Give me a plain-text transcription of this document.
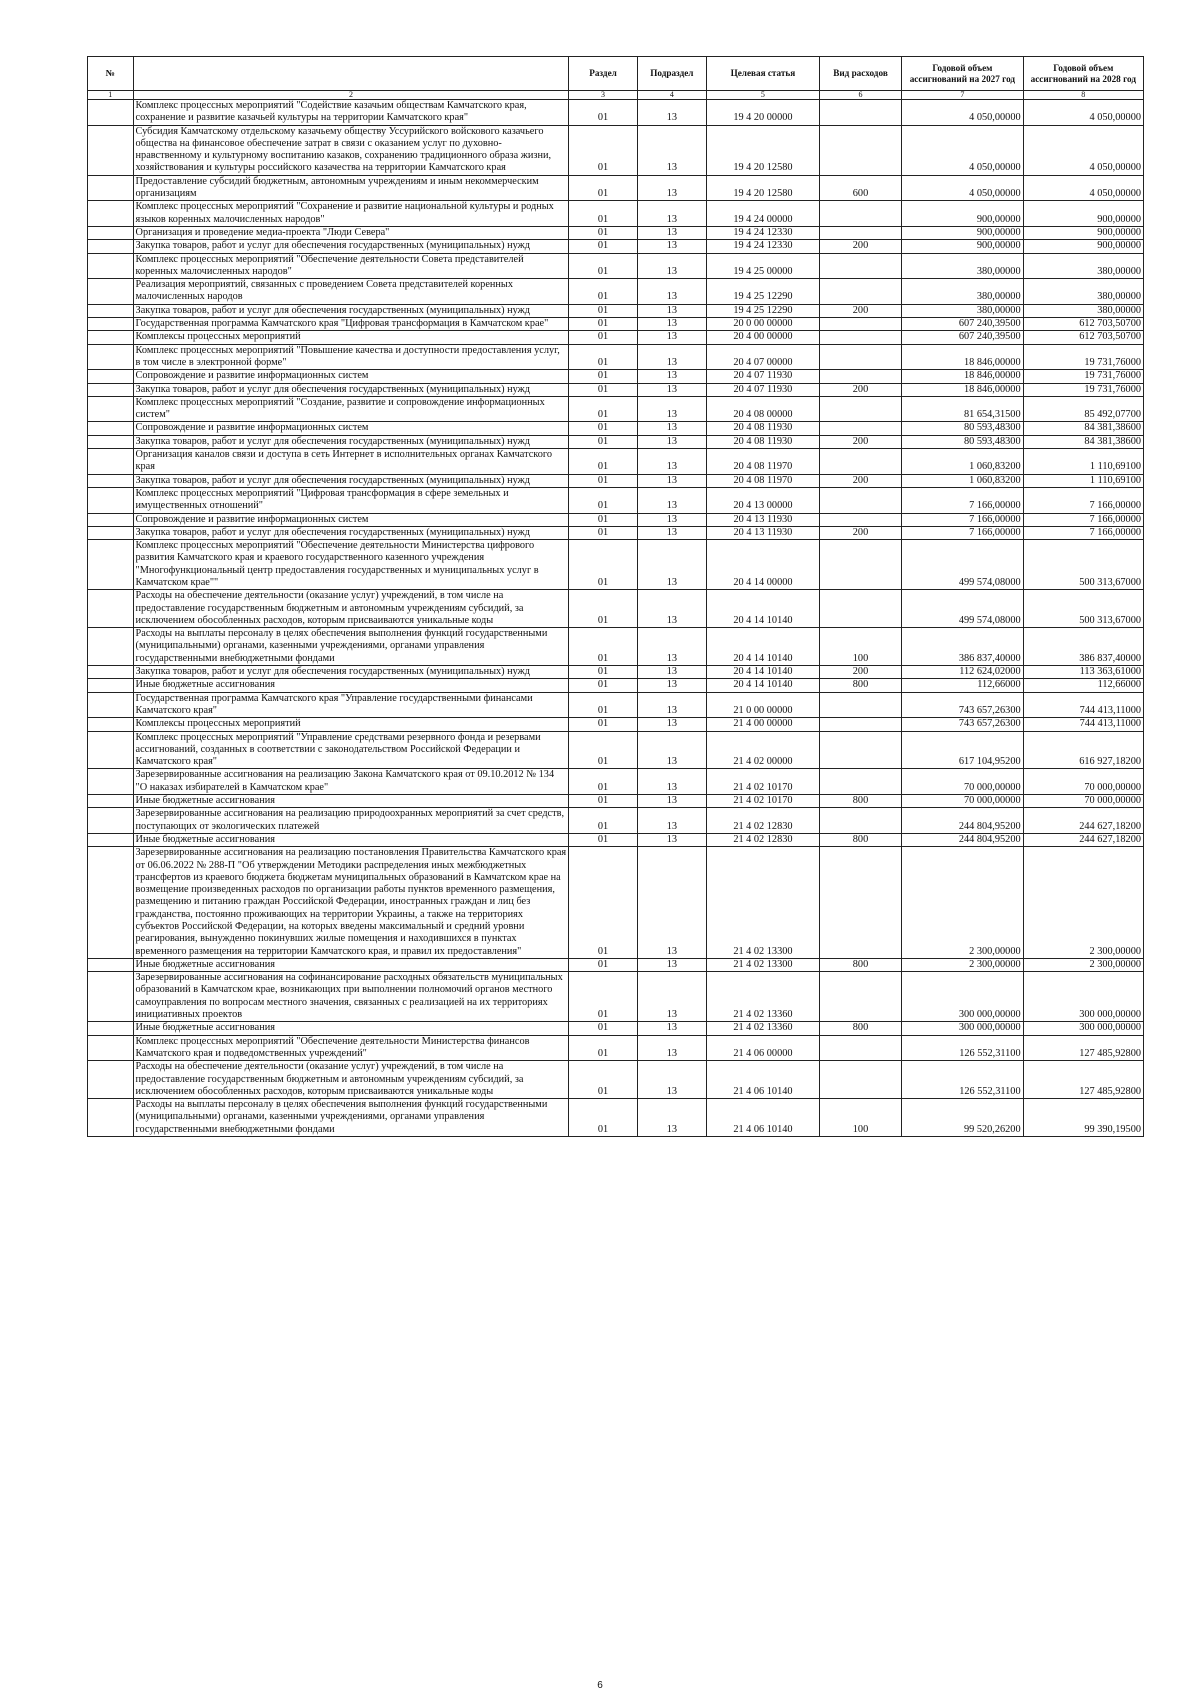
№		Раздел	Подраздел	Целевая статья	Вид расходов	Годовой объем ассигнований на 2027 год	Годовой объем ассигнований на 2028 год
1	2	3	4	5	6	7	8
	Комплекс процессных мероприятий "Содействие казачьим обществам Камчатского края, сохранение и развитие казачьей культуры на территории Камчатского края"	01	13	19 4 20 00000		4 050,00000	4 050,00000
	Субсидия Камчатскому отдельскому казачьему обществу Уссурийского войскового казачьего общества на финансовое обеспечение затрат в связи с оказанием услуг по духовно-нравственному и культурному воспитанию казаков, сохранению традиционного образа жизни, хозяйствования и культуры российского казачества на территории Камчатского края	01	13	19 4 20 12580		4 050,00000	4 050,00000
	Предоставление субсидий бюджетным, автономным учреждениям и иным некоммерческим организациям	01	13	19 4 20 12580	600	4 050,00000	4 050,00000
	Комплекс процессных мероприятий "Сохранение и развитие национальной культуры и родных языков коренных малочисленных народов"	01	13	19 4 24 00000		900,00000	900,00000
	Организация и проведение медиа-проекта "Люди Севера"	01	13	19 4 24 12330		900,00000	900,00000
	Закупка товаров, работ и услуг для обеспечения государственных (муниципальных) нужд	01	13	19 4 24 12330	200	900,00000	900,00000
	Комплекс процессных мероприятий "Обеспечение деятельности Совета представителей коренных малочисленных народов"	01	13	19 4 25 00000		380,00000	380,00000
	Реализация мероприятий, связанных с проведением Совета представителей коренных малочисленных народов	01	13	19 4 25 12290		380,00000	380,00000
	Закупка товаров, работ и услуг для обеспечения государственных (муниципальных) нужд	01	13	19 4 25 12290	200	380,00000	380,00000
	Государственная программа Камчатского края "Цифровая трансформация в Камчатском крае"	01	13	20 0 00 00000		607 240,39500	612 703,50700
	Комплексы процессных мероприятий	01	13	20 4 00 00000		607 240,39500	612 703,50700
	Комплекс процессных мероприятий "Повышение качества и доступности предоставления услуг, в том числе в электронной форме"	01	13	20 4 07 00000		18 846,00000	19 731,76000
	Сопровождение и развитие информационных систем	01	13	20 4 07 11930		18 846,00000	19 731,76000
	Закупка товаров, работ и услуг для обеспечения государственных (муниципальных) нужд	01	13	20 4 07 11930	200	18 846,00000	19 731,76000
	Комплекс процессных мероприятий "Создание, развитие и сопровождение информационных систем"	01	13	20 4 08 00000		81 654,31500	85 492,07700
	Сопровождение и развитие информационных систем	01	13	20 4 08 11930		80 593,48300	84 381,38600
	Закупка товаров, работ и услуг для обеспечения государственных (муниципальных) нужд	01	13	20 4 08 11930	200	80 593,48300	84 381,38600
	Организация каналов связи и доступа в сеть Интернет в исполнительных органах Камчатского края	01	13	20 4 08 11970		1 060,83200	1 110,69100
	Закупка товаров, работ и услуг для обеспечения государственных (муниципальных) нужд	01	13	20 4 08 11970	200	1 060,83200	1 110,69100
	Комплекс процессных мероприятий "Цифровая трансформация в сфере земельных и имущественных отношений"	01	13	20 4 13 00000		7 166,00000	7 166,00000
	Сопровождение и развитие информационных систем	01	13	20 4 13 11930		7 166,00000	7 166,00000
	Закупка товаров, работ и услуг для обеспечения государственных (муниципальных) нужд	01	13	20 4 13 11930	200	7 166,00000	7 166,00000
	Комплекс процессных мероприятий "Обеспечение деятельности Министерства цифрового развития Камчатского края и краевого государственного казенного учреждения "Многофункциональный центр предоставления государственных и муниципальных услуг в Камчатском крае""	01	13	20 4 14 00000		499 574,08000	500 313,67000
	Расходы на обеспечение деятельности (оказание услуг) учреждений, в том числе на предоставление государственным бюджетным и автономным учреждениям субсидий, за исключением обособленных расходов, которым присваиваются уникальные коды	01	13	20 4 14 10140		499 574,08000	500 313,67000
	Расходы на выплаты персоналу в целях обеспечения выполнения функций государственными (муниципальными) органами, казенными учреждениями, органами управления государственными внебюджетными фондами	01	13	20 4 14 10140	100	386 837,40000	386 837,40000
	Закупка товаров, работ и услуг для обеспечения государственных (муниципальных) нужд	01	13	20 4 14 10140	200	112 624,02000	113 363,61000
	Иные бюджетные ассигнования	01	13	20 4 14 10140	800	112,66000	112,66000
	Государственная программа Камчатского края "Управление государственными финансами Камчатского края"	01	13	21 0 00 00000		743 657,26300	744 413,11000
	Комплексы процессных мероприятий	01	13	21 4 00 00000		743 657,26300	744 413,11000
	Комплекс процессных мероприятий "Управление средствами резервного фонда и резервами ассигнований, созданных в соответствии с законодательством Российской Федерации и Камчатского края"	01	13	21 4 02 00000		617 104,95200	616 927,18200
	Зарезервированные ассигнования на реализацию Закона Камчатского края от 09.10.2012 № 134 "О наказах избирателей в Камчатском крае"	01	13	21 4 02 10170		70 000,00000	70 000,00000
	Иные бюджетные ассигнования	01	13	21 4 02 10170	800	70 000,00000	70 000,00000
	Зарезервированные ассигнования на реализацию природоохранных мероприятий за счет средств, поступающих от экологических платежей	01	13	21 4 02 12830		244 804,95200	244 627,18200
	Иные бюджетные ассигнования	01	13	21 4 02 12830	800	244 804,95200	244 627,18200
	Зарезервированные ассигнования на реализацию постановления Правительства Камчатского края от 06.06.2022 № 288-П "Об утверждении Методики распределения иных межбюджетных трансфертов из краевого бюджета бюджетам муниципальных образований в Камчатском крае на возмещение произведенных расходов по организации работы пунктов временного размещения, размещению и питанию граждан Российской Федерации, иностранных граждан и лиц без гражданства, постоянно проживающих на территории Украины, а также на территориях субъектов Российской Федерации, на которых введены максимальный и средний уровни реагирования, вынужденно покинувших жилые помещения и находившихся в пунктах временного размещения на территории Камчатского края, и правил их предоставления"	01	13	21 4 02 13300		2 300,00000	2 300,00000
	Иные бюджетные ассигнования	01	13	21 4 02 13300	800	2 300,00000	2 300,00000
	Зарезервированные ассигнования на софинансирование расходных обязательств муниципальных образований в Камчатском крае, возникающих при выполнении полномочий органов местного самоуправления по вопросам местного значения, связанных с реализацией на их территориях инициативных проектов	01	13	21 4 02 13360		300 000,00000	300 000,00000
	Иные бюджетные ассигнования	01	13	21 4 02 13360	800	300 000,00000	300 000,00000
	Комплекс процессных мероприятий "Обеспечение деятельности Министерства финансов Камчатского края и подведомственных учреждений"	01	13	21 4 06 00000		126 552,31100	127 485,92800
	Расходы на обеспечение деятельности (оказание услуг) учреждений, в том числе на предоставление государственным бюджетным и автономным учреждениям субсидий, за исключением обособленных расходов, которым присваиваются уникальные коды	01	13	21 4 06 10140		126 552,31100	127 485,92800
	Расходы на выплаты персоналу в целях обеспечения выполнения функций государственными (муниципальными) органами, казенными учреждениями, органами управления государственными внебюджетными фондами	01	13	21 4 06 10140	100	99 520,26200	99 390,19500
6
